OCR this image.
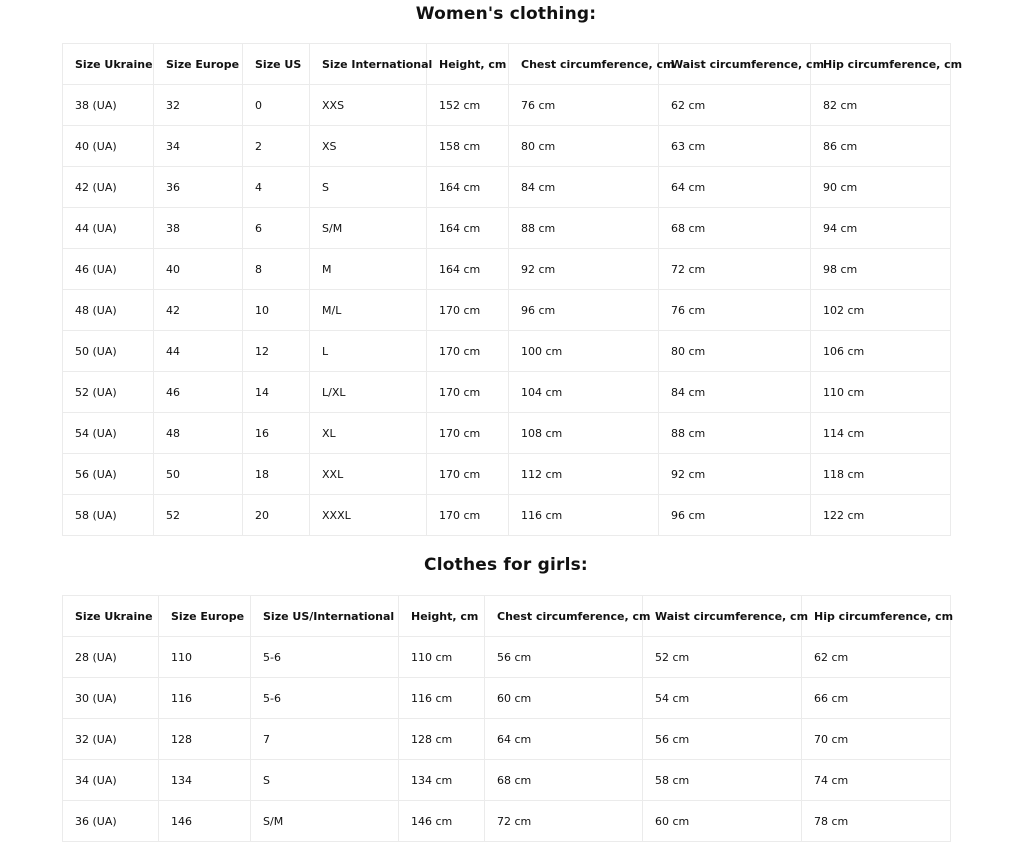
Women's clothing:
Size Ukraine	Size Europe	Size US	Size International	Height, cm	Chest circumference, cm	Waist circumference, cm	Hip circumference, cm
38 (UA)	32	0	XXS	152 cm	76 cm	62 cm	82 cm
40 (UA)	34	2	XS	158 cm	80 cm	63 cm	86 cm
42 (UA)	36	4	S	164 cm	84 cm	64 cm	90 cm
44 (UA)	38	6	S/M	164 cm	88 cm	68 cm	94 cm
46 (UA)	40	8	M	164 cm	92 cm	72 cm	98 cm
48 (UA)	42	10	M/L	170 cm	96 cm	76 cm	102 cm
50 (UA)	44	12	L	170 cm	100 cm	80 cm	106 cm
52 (UA)	46	14	L/XL	170 cm	104 cm	84 cm	110 cm
54 (UA)	48	16	XL	170 cm	108 cm	88 cm	114 cm
56 (UA)	50	18	XXL	170 cm	112 cm	92 cm	118 cm
58 (UA)	52	20	XXXL	170 cm	116 cm	96 cm	122 cm
Clothes for girls:
Size Ukraine	Size Europe	Size US/International	Height, cm	Chest circumference, cm	Waist circumference, cm	Hip circumference, cm
28 (UA)	110	5-6	110 cm	56 cm	52 cm	62 cm
30 (UA)	116	5-6	116 cm	60 cm	54 cm	66 cm
32 (UA)	128	7	128 cm	64 cm	56 cm	70 cm
34 (UA)	134	S	134 cm	68 cm	58 cm	74 cm
36 (UA)	146	S/M	146 cm	72 cm	60 cm	78 cm
